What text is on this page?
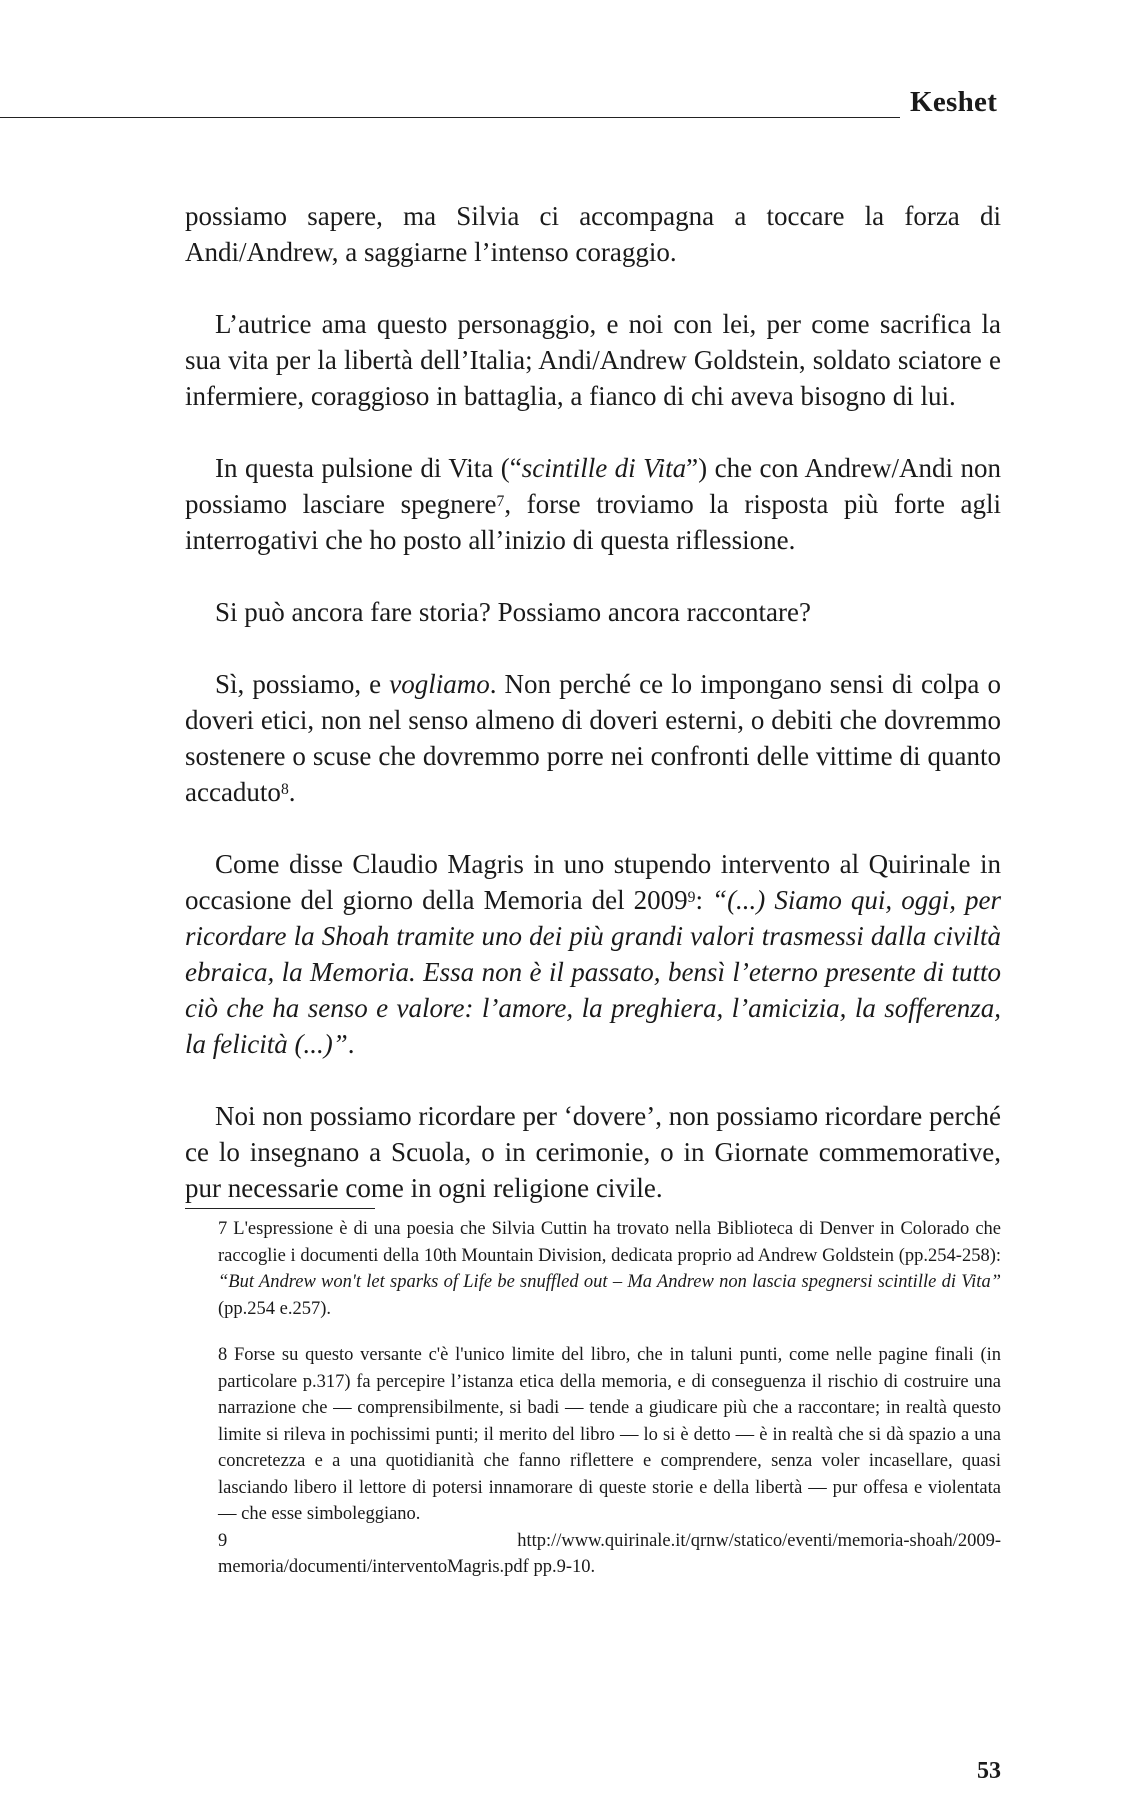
Keshet

possiamo sapere, ma Silvia ci accompagna a toccare la forza di Andi/Andrew, a saggiarne l’intenso coraggio.

L’autrice ama questo personaggio, e noi con lei, per come sacrifica la sua vita per la libertà dell’Italia; Andi/Andrew Goldstein, soldato sciatore e infermiere, coraggioso in battaglia, a fianco di chi aveva bisogno di lui.

In questa pulsione di Vita (“scintille di Vita”) che con Andrew/Andi non possiamo lasciare spegnere$^7$, forse troviamo la risposta più forte agli interrogativi che ho posto all’inizio di questa riflessione.

Si può ancora fare storia? Possiamo ancora raccontare?

Sì, possiamo, e vogliamo. Non perché ce lo impongano sensi di colpa o doveri etici, non nel senso almeno di doveri esterni, o debiti che dovremmo sostenere o scuse che dovremmo porre nei confronti delle vittime di quanto accaduto$^8$.

Come disse Claudio Magris in uno stupendo intervento al Quirinale in occasione del giorno della Memoria del 2009$^9$: “(...) Siamo qui, oggi, per ricordare la Shoah tramite uno dei più grandi valori trasmessi dalla civiltà ebraica, la Memoria. Essa non è il passato, bensì l’eterno presente di tutto ciò che ha senso e valore: l’amore, la preghiera, l’amicizia, la sofferenza, la felicità (...)”.

Noi non possiamo ricordare per ‘dovere’, non possiamo ricordare perché ce lo insegnano a Scuola, o in cerimonie, o in Giornate commemorative, pur necessarie come in ogni religione civile.

7 L'espressione è di una poesia che Silvia Cuttin ha trovato nella Biblioteca di Denver in Colorado che raccoglie i documenti della 10th Mountain Division, dedicata proprio ad Andrew Goldstein (pp.254-258): “But Andrew won't let sparks of Life be snuffled out – Ma Andrew non lascia spegnersi scintille di Vita” (pp.254 e.257).

8 Forse su questo versante c'è l'unico limite del libro, che in taluni punti, come nelle pagine finali (in particolare p.317) fa percepire l’istanza etica della memoria, e di conseguenza il rischio di costruire una narrazione che — comprensibilmente, si badi — tende a giudicare più che a raccontare; in realtà questo limite si rileva in pochissimi punti; il merito del libro — lo si è detto — è in realtà che si dà spazio a una concretezza e a una quotidianità che fanno riflettere e comprendere, senza voler incasellare, quasi lasciando libero il lettore di potersi innamorare di queste storie e della libertà — pur offesa e violentata — che esse simboleggiano.

9 http://www.quirinale.it/qrnw/statico/eventi/memoria-shoah/2009-memoria/documenti/interventoMagris.pdf pp.9-10.

53
